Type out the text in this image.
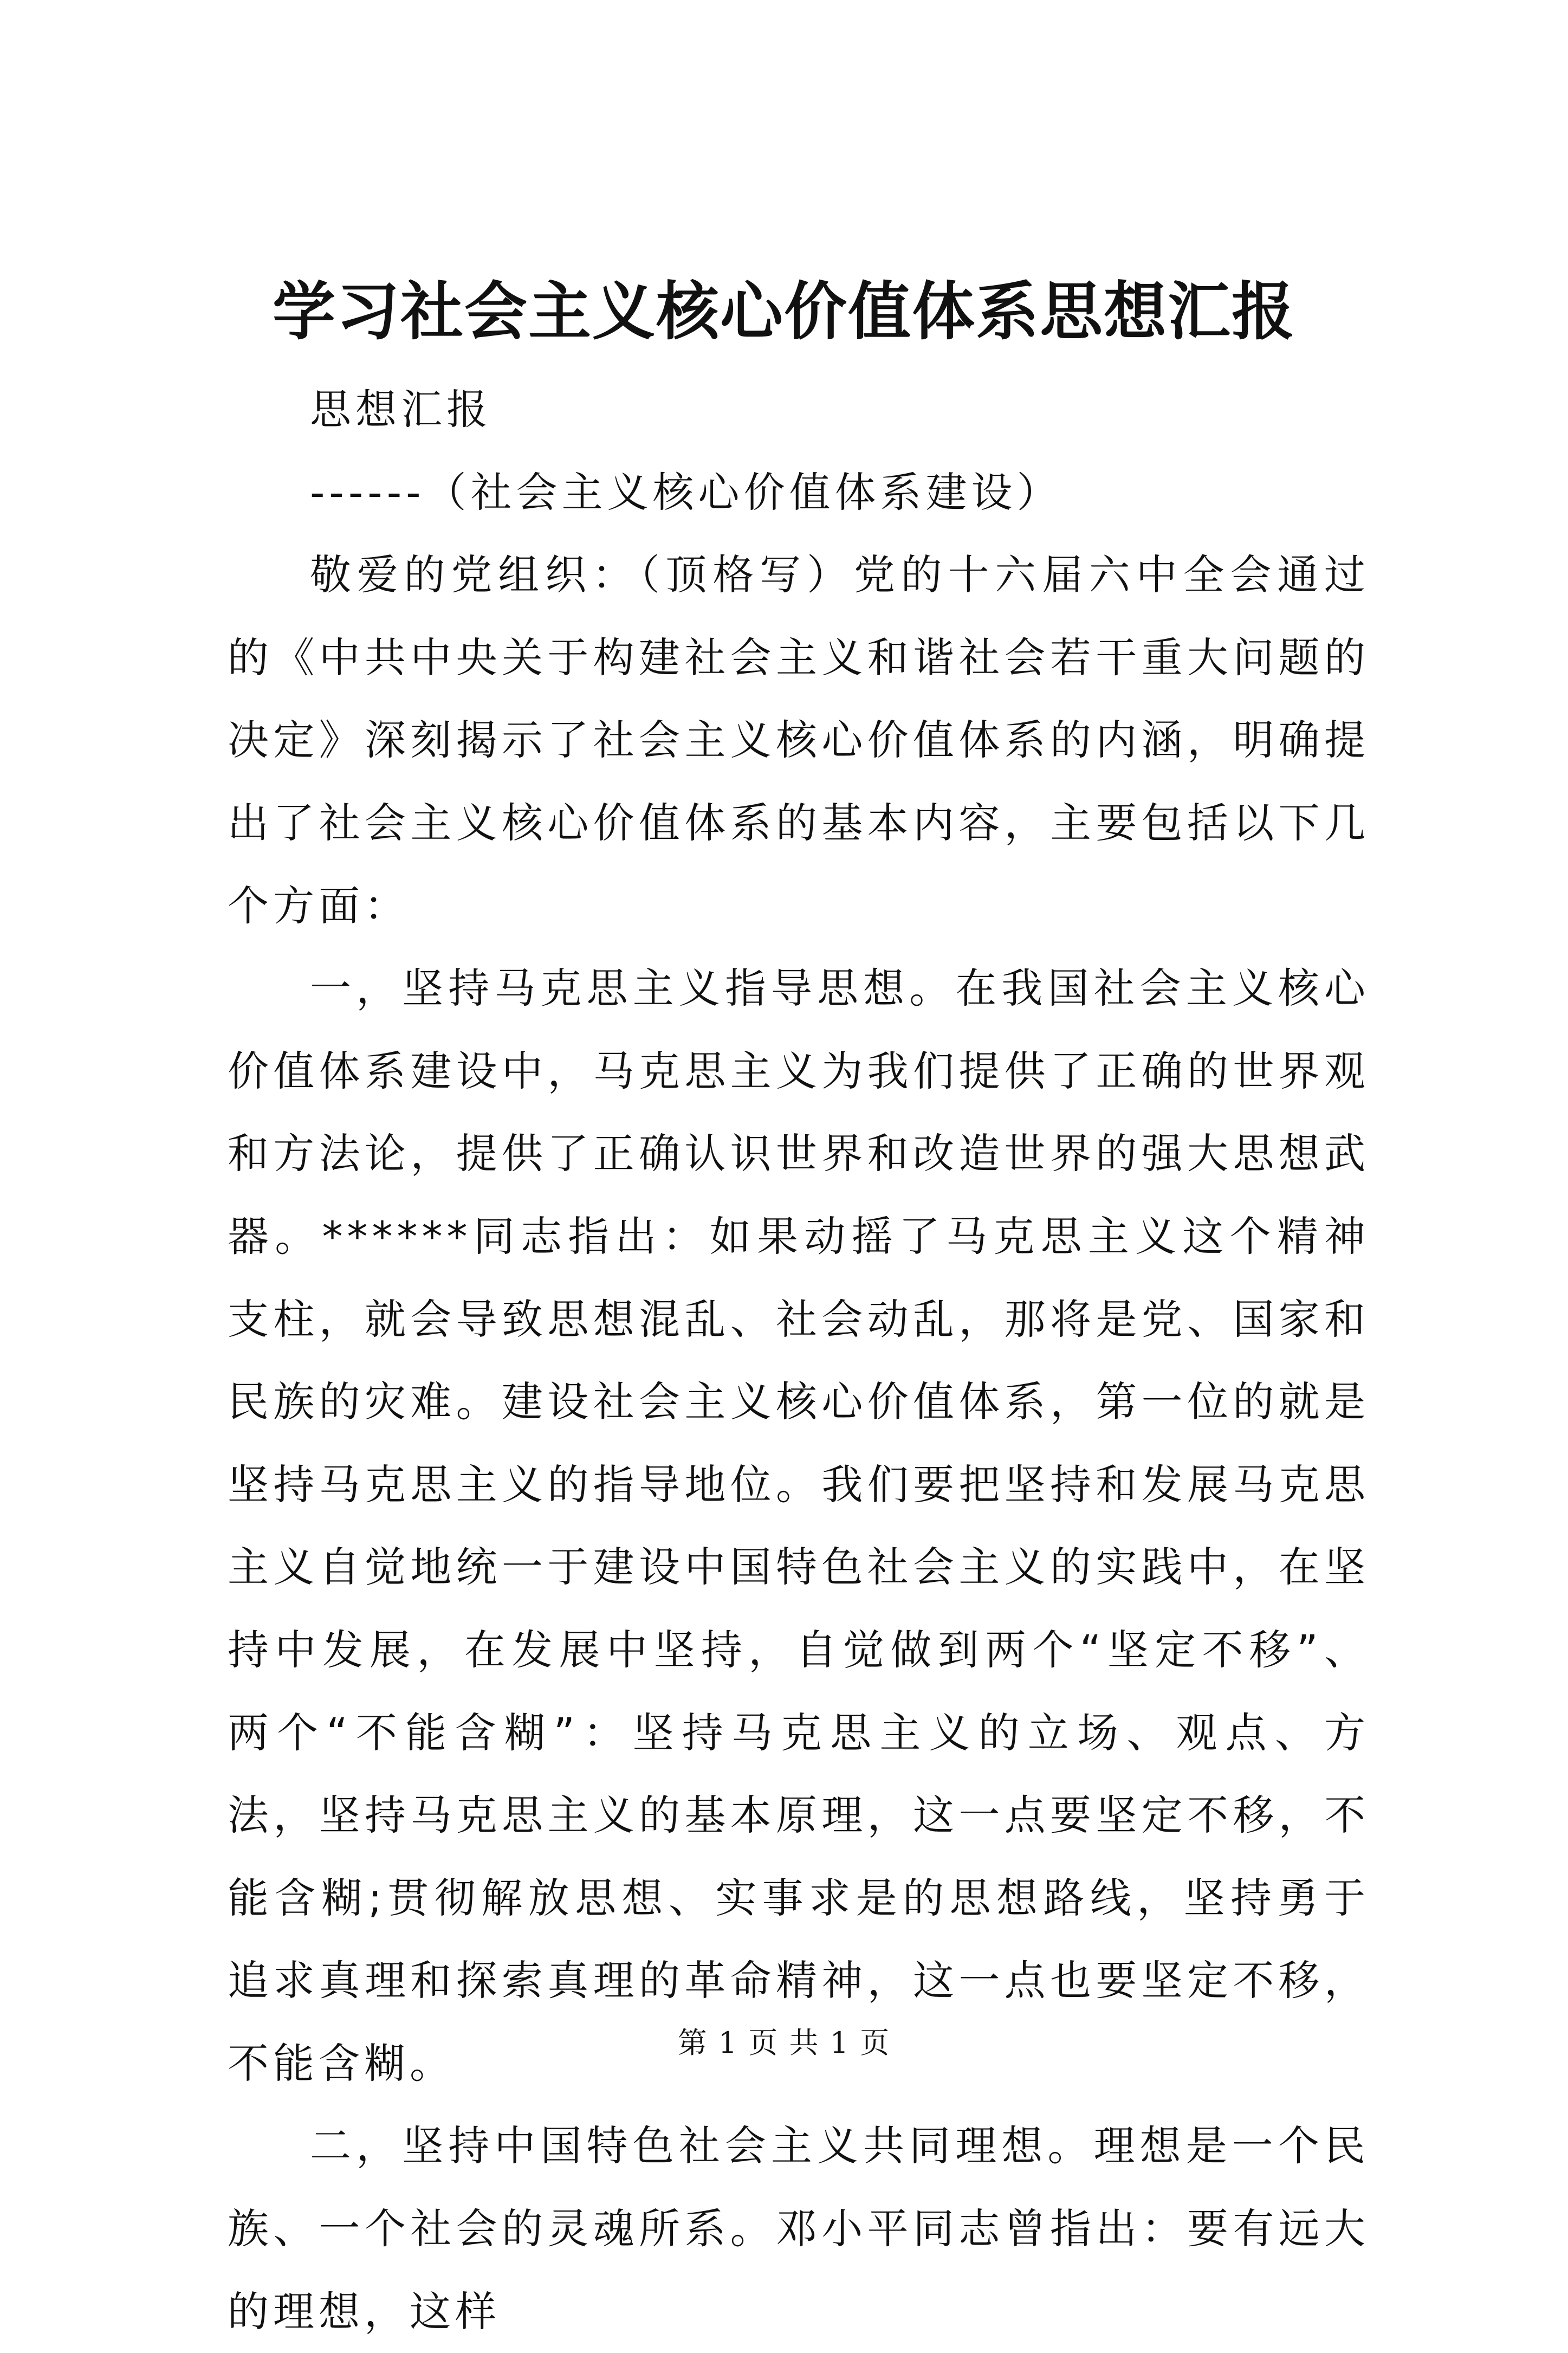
学习社会主义核心价值体系思想汇报

思想汇报

------（社会主义核心价值体系建设）

敬爱的党组织：（顶格写）党的十六届六中全会通过的《中共中央关于构建社会主义和谐社会若干重大问题的决定》深刻揭示了社会主义核心价值体系的内涵，明确提出了社会主义核心价值体系的基本内容，主要包括以下几个方面：

一，坚持马克思主义指导思想。在我国社会主义核心价值体系建设中，马克思主义为我们提供了正确的世界观和方法论，提供了正确认识世界和改造世界的强大思想武器。******同志指出：如果动摇了马克思主义这个精神支柱，就会导致思想混乱、社会动乱，那将是党、国家和民族的灾难。建设社会主义核心价值体系，第一位的就是坚持马克思主义的指导地位。我们要把坚持和发展马克思主义自觉地统一于建设中国特色社会主义的实践中，在坚持中发展，在发展中坚持，自觉做到两个“坚定不移”、两个“不能含糊”：坚持马克思主义的立场、观点、方法，坚持马克思主义的基本原理，这一点要坚定不移，不能含糊;贯彻解放思想、实事求是的思想路线，坚持勇于追求真理和探索真理的革命精神，这一点也要坚定不移，不能含糊。

二，坚持中国特色社会主义共同理想。理想是一个民族、一个社会的灵魂所系。邓小平同志曾指出：要有远大的理想，这样

第 1 页 共 1 页
